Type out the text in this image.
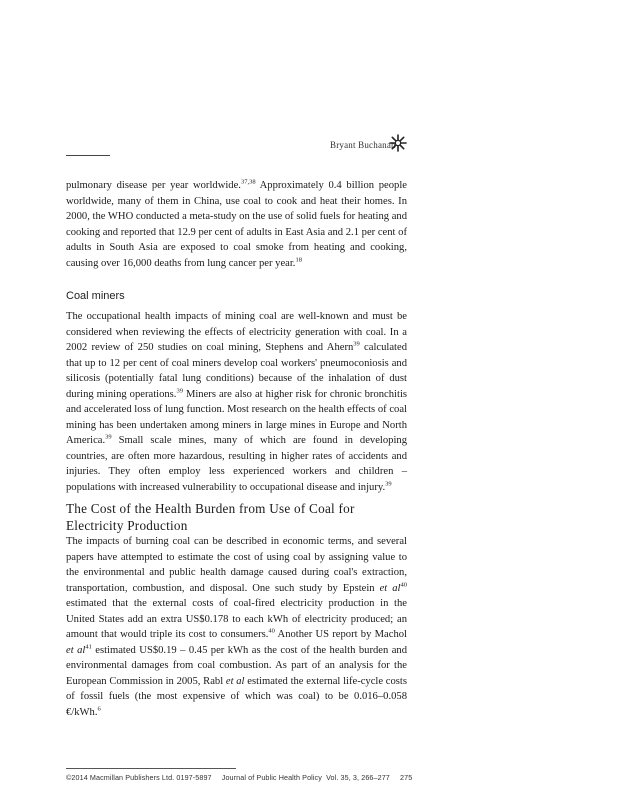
Bryant Buchanan

pulmonary disease per year worldwide.$^{37,38}$ Approximately 0.4 billion people worldwide, many of them in China, use coal to cook and heat their homes. In 2000, the WHO conducted a meta-study on the use of solid fuels for heating and cooking and reported that 12.9 per cent of adults in East Asia and 2.1 per cent of adults in South Asia are exposed to coal smoke from heating and cooking, causing over 16,000 deaths from lung cancer per year.$^{18}$

Coal miners

The occupational health impacts of mining coal are well-known and must be considered when reviewing the effects of electricity generation with coal. In a 2002 review of 250 studies on coal mining, Stephens and Ahern$^{39}$ calculated that up to 12 per cent of coal miners develop coal workers' pneumoconiosis and silicosis (potentially fatal lung conditions) because of the inhalation of dust during mining operations.$^{39}$ Miners are also at higher risk for chronic bronchitis and accelerated loss of lung function. Most research on the health effects of coal mining has been undertaken among miners in large mines in Europe and North America.$^{39}$ Small scale mines, many of which are found in developing countries, are often more hazardous, resulting in higher rates of accidents and injuries. They often employ less experienced workers and children – populations with increased vulnerability to occupational disease and injury.$^{39}$

The Cost of the Health Burden from Use of Coal for
Electricity Production

The impacts of burning coal can be described in economic terms, and several papers have attempted to estimate the cost of using coal by assigning value to the environmental and public health damage caused during coal's extraction, transportation, combustion, and disposal. One such study by Epstein et $al^{40}$ estimated that the external costs of coal-fired electricity production in the United States add an extra US$0.178 to each kWh of electricity produced; an amount that would triple its cost to consumers.$^{40}$ Another US report by Machol et $al^{41}$ estimated US$0.19 – 0.45 per kWh as the cost of the health burden and environmental damages from coal combustion. As part of an analysis for the European Commission in 2005, Rabl et al estimated the external life-cycle costs of fossil fuels (the most expensive of which was coal) to be 0.016–0.058 €/kWh.$^6$

©2014 Macmillan Publishers Ltd. 0197-5897 Journal of Public Health Policy Vol. 35, 3, 266–277 275
